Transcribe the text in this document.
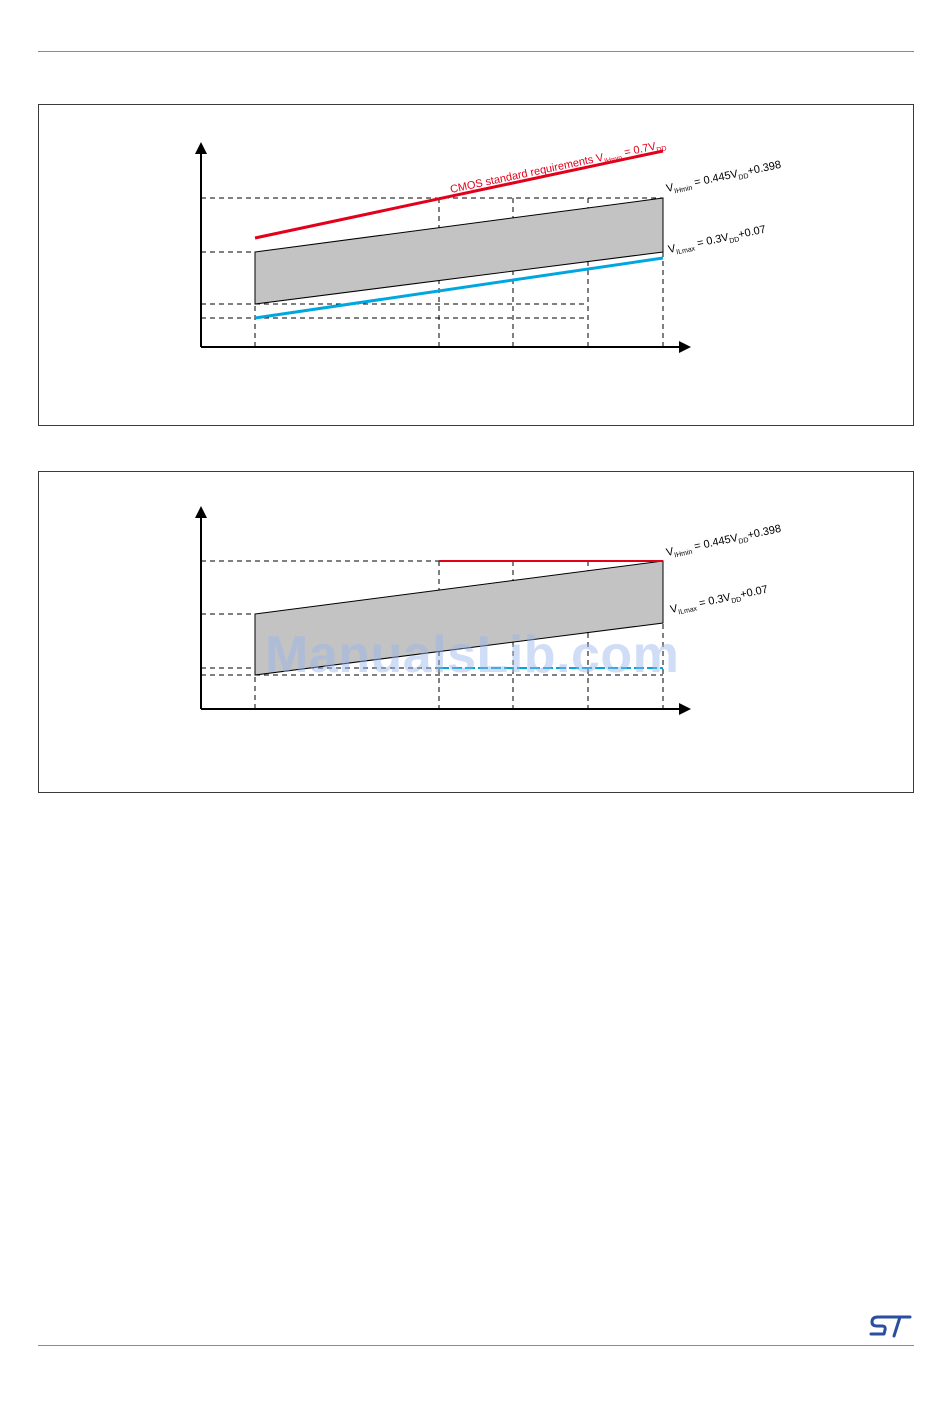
CMOS standard requirements $V_{IHmin} = 0.7V_{DD}$
$V_{IHmin} = 0.445V_{DD}+0.398$
$V_{ILmax} = 0.3V_{DD}+0.07$
$V_{IHmin} = 0.445V_{DD}+0.398$
$V_{ILmax} = 0.3V_{DD}+0.07$
ManualsLib.com
